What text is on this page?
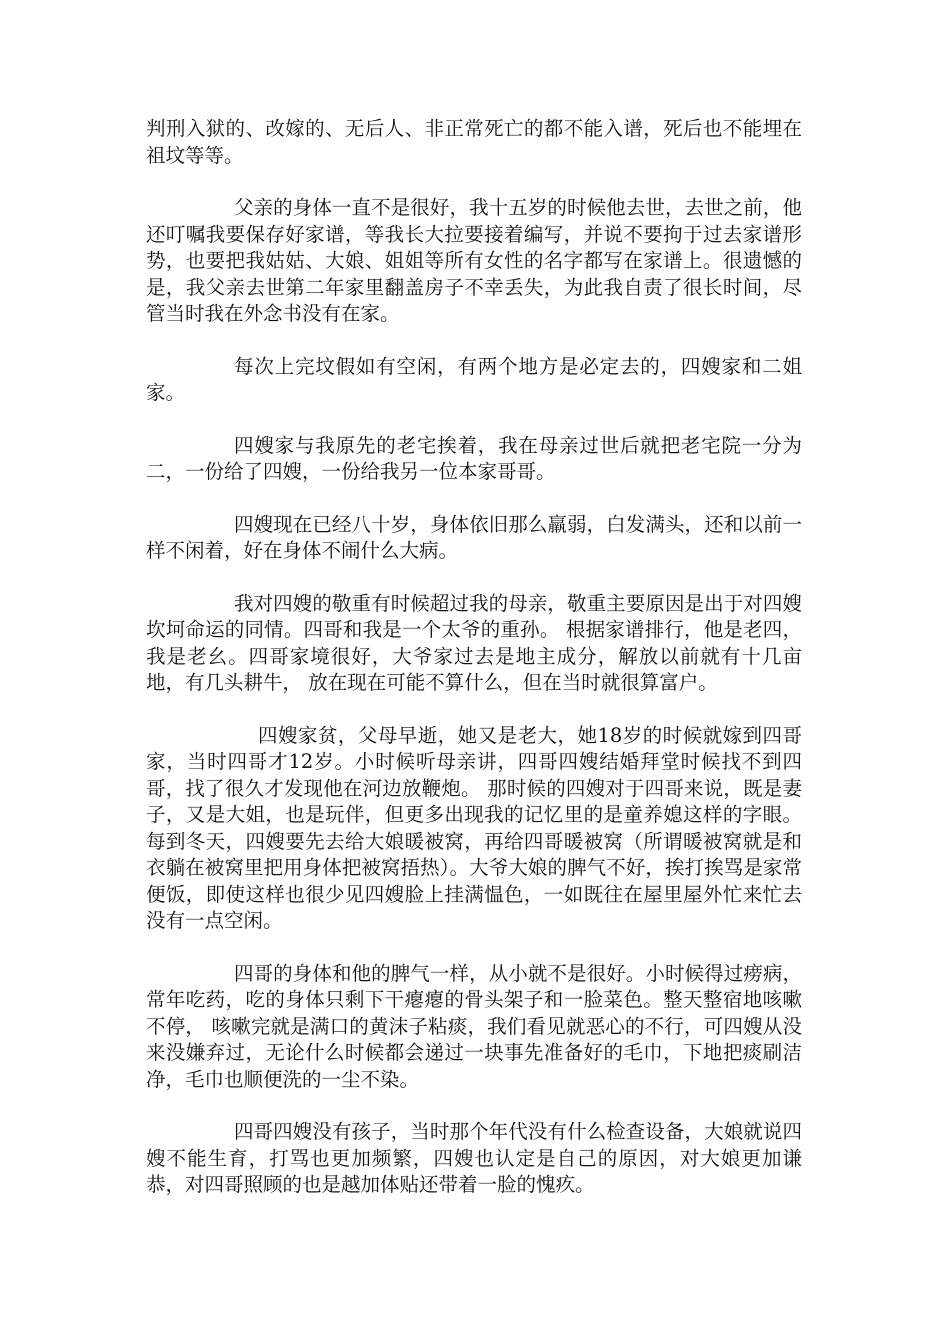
判刑入狱的、改嫁的、无后人、非正常死亡的都不能入谱，死后也不能埋在祖坟等等。

父亲的身体一直不是很好，我十五岁的时候他去世，去世之前，他还叮嘱我要保存好家谱，等我长大拉要接着编写，并说不要拘于过去家谱形势，也要把我姑姑、大娘、姐姐等所有女性的名字都写在家谱上。很遗憾的是，我父亲去世第二年家里翻盖房子不幸丢失，为此我自责了很长时间，尽管当时我在外念书没有在家。

每次上完坟假如有空闲，有两个地方是必定去的，四嫂家和二姐家。

四嫂家与我原先的老宅挨着，我在母亲过世后就把老宅院一分为二，一份给了四嫂，一份给我另一位本家哥哥。

四嫂现在已经八十岁，身体依旧那么羸弱，白发满头，还和以前一样不闲着，好在身体不闹什么大病。

我对四嫂的敬重有时候超过我的母亲，敬重主要原因是出于对四嫂坎坷命运的同情。四哥和我是一个太爷的重孙。 根据家谱排行，他是老四，我是老幺。四哥家境很好，大爷家过去是地主成分，解放以前就有十几亩地，有几头耕牛， 放在现在可能不算什么，但在当时就很算富户。

四嫂家贫，父母早逝，她又是老大，她18岁的时候就嫁到四哥家，当时四哥才12岁。小时候听母亲讲，四哥四嫂结婚拜堂时候找不到四哥，找了很久才发现他在河边放鞭炮。 那时候的四嫂对于四哥来说，既是妻子，又是大姐，也是玩伴，但更多出现我的记忆里的是童养媳这样的字眼。每到冬天，四嫂要先去给大娘暖被窝，再给四哥暖被窝（所谓暖被窝就是和衣躺在被窝里把用身体把被窝捂热）。大爷大娘的脾气不好，挨打挨骂是家常便饭，即使这样也很少见四嫂脸上挂满愠色，一如既往在屋里屋外忙来忙去没有一点空闲。

四哥的身体和他的脾气一样，从小就不是很好。小时候得过痨病，常年吃药，吃的身体只剩下干瘪瘪的骨头架子和一脸菜色。整天整宿地咳嗽不停， 咳嗽完就是满口的黄沫子粘痰，我们看见就恶心的不行，可四嫂从没来没嫌弃过，无论什么时候都会递过一块事先准备好的毛巾，下地把痰刷洁净，毛巾也顺便洗的一尘不染。

四哥四嫂没有孩子，当时那个年代没有什么检查设备，大娘就说四嫂不能生育，打骂也更加频繁，四嫂也认定是自己的原因，对大娘更加谦恭，对四哥照顾的也是越加体贴还带着一脸的愧疚。
